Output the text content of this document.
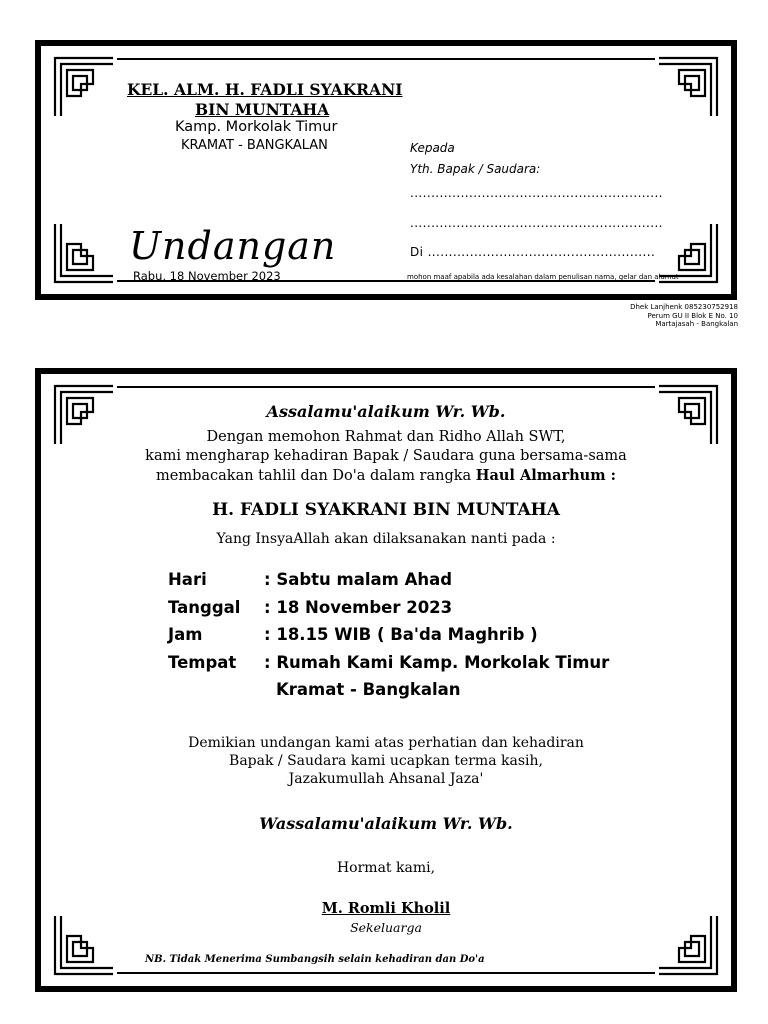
KEL. ALM. H. FADLI SYAKRANI
BIN MUNTAHA
Kamp. Morkolak Timur
KRAMAT - BANGKALAN	Kepada
Yth. Bapak / Saudara:
............................................................
............................................................
Di ......................................................
Undangan
Rabu, 18 November 2023	mohon maaf apabila ada kesalahan dalam penulisan nama, gelar dan alamat
Dhek Lanjhenk 085230752918
Perum GU II Blok E No. 10
Martajasah - Bangkalan
Assalamu'alaikum Wr. Wb.
Dengan memohon Rahmat dan Ridho Allah SWT,
kami mengharap kehadiran Bapak / Saudara guna bersama-sama
membacakan tahlil dan Do'a dalam rangka Haul Almarhum :
H. FADLI SYAKRANI BIN MUNTAHA
Yang InsyaAllah akan dilaksanakan nanti pada :
Hari	: Sabtu malam Ahad
Tanggal : 18 November 2023
Jam	: 18.15 WIB ( Ba'da Maghrib )
Tempat : Rumah Kami Kamp. Morkolak Timur
Kramat - Bangkalan
Demikian undangan kami atas perhatian dan kehadiran
Bapak / Saudara kami ucapkan terma kasih,
Jazakumullah Ahsanal Jaza'
Wassalamu'alaikum Wr. Wb.
Hormat kami,
M. Romli Kholil
Sekeluarga
NB. Tidak Menerima Sumbangsih selain kehadiran dan Do'a
